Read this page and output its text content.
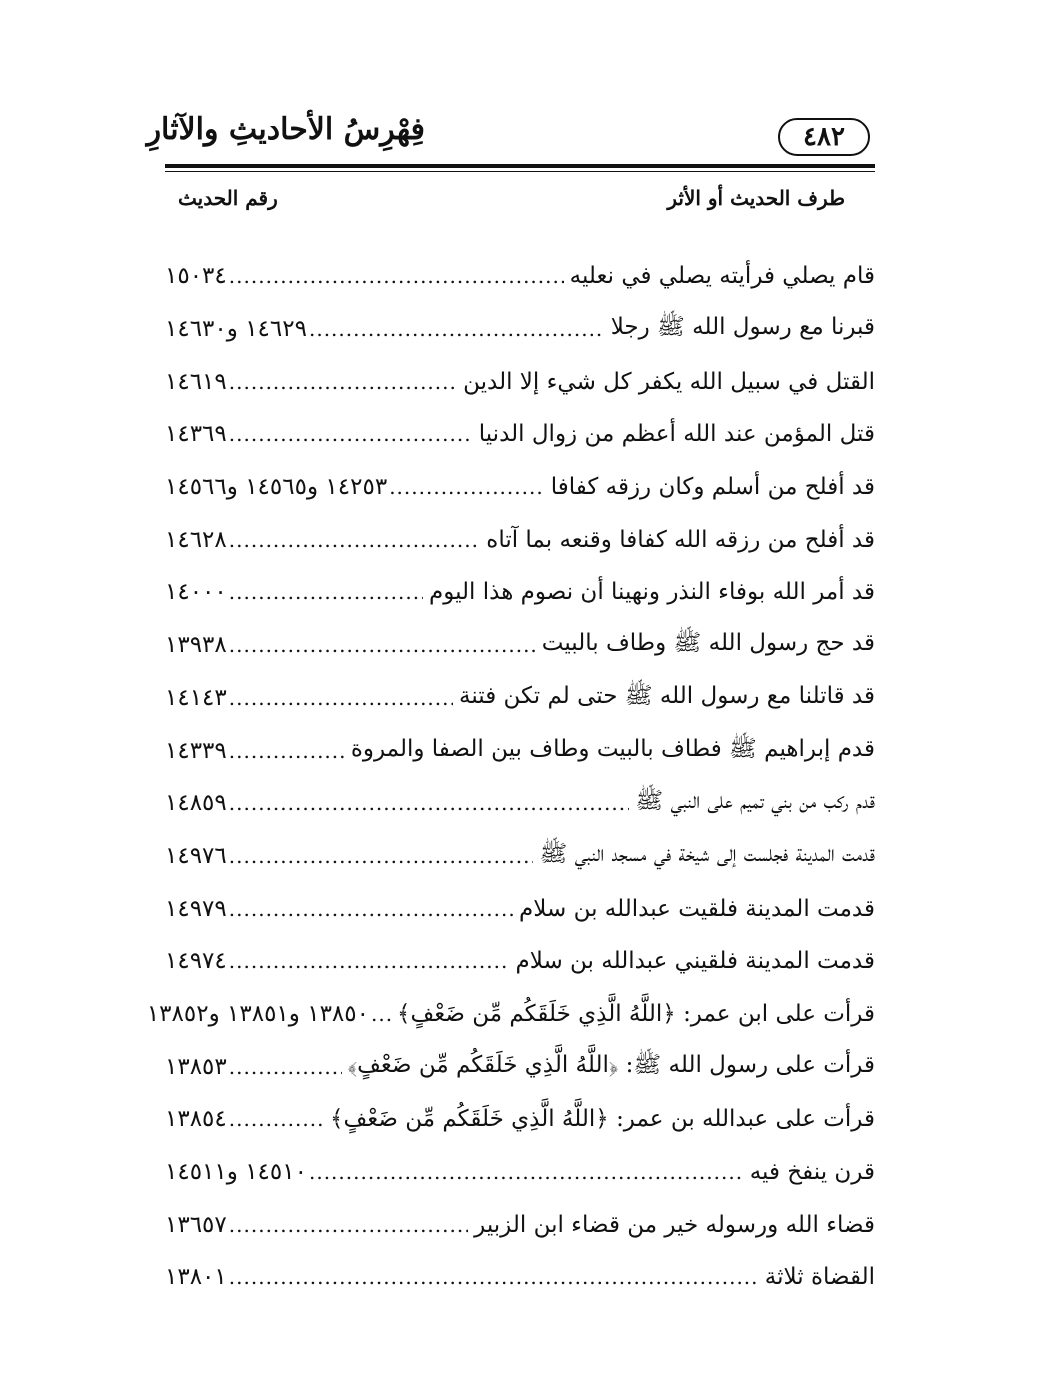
فِهْرِسُ الأحاديثِ والآثارِ	٤٨٢
طرف الحديث أو الأثر
رقم الحديث
قام يصلي فرأيته يصلي في نعليه
.....
١٥٠٣٤
قبرنا مع رسول الله ﷺ رجلا
.....
١٤٦٢٩ و١٤٦٣٠
القتل في سبيل الله يكفر كل شيء إلا الدين
.....
١٤٦١٩
قتل المؤمن عند الله أعظم من زوال الدنيا
.....
١٤٣٦٩
قد أفلح من أسلم وكان رزقه كفافا
.....
١٤٢٥٣ و١٤٥٦٥ و١٤٥٦٦
قد أفلح من رزقه الله كفافا وقنعه بما آتاه
.....
١٤٦٢٨
قد أمر الله بوفاء النذر ونهينا أن نصوم هذا اليوم
.....
١٤٠٠٠
قد حج رسول الله ﷺ وطاف بالبيت
.....
١٣٩٣٨
قد قاتلنا مع رسول الله ﷺ حتى لم تكن فتنة
.....
١٤١٤٣
قدم إبراهيم ﷺ فطاف بالبيت وطاف بين الصفا والمروة
.....
١٤٣٣٩
قدم ركب من بني تميم على النبي ﷺ
.....
١٤٨٥٩
قدمت المدينة فجلست إلى شيخة في مسجد النبي ﷺ
.....
١٤٩٧٦
قدمت المدينة فلقيت عبدالله بن سلام
.....
١٤٩٧٩
قدمت المدينة فلقيني عبدالله بن سلام
.....
١٤٩٧٤
قرأت على ابن عمر: ﴿اللَّهُ الَّذِي خَلَقَكُم مِّن ضَعْفٍ﴾
.....
١٣٨٥٠ و١٣٨٥١ و١٣٨٥٢
قرأت على رسول الله ﷺ: ﴿اللَّهُ الَّذِي خَلَقَكُم مِّن ضَعْفٍ﴾
.....
١٣٨٥٣
قرأت على عبدالله بن عمر: ﴿اللَّهُ الَّذِي خَلَقَكُم مِّن ضَعْفٍ﴾
.....
١٣٨٥٤
قرن ينفخ فيه
.....
١٤٥١٠ و١٤٥١١
قضاء الله ورسوله خير من قضاء ابن الزبير
.....
١٣٦٥٧
القضاة ثلاثة
.....
١٣٨٠١
